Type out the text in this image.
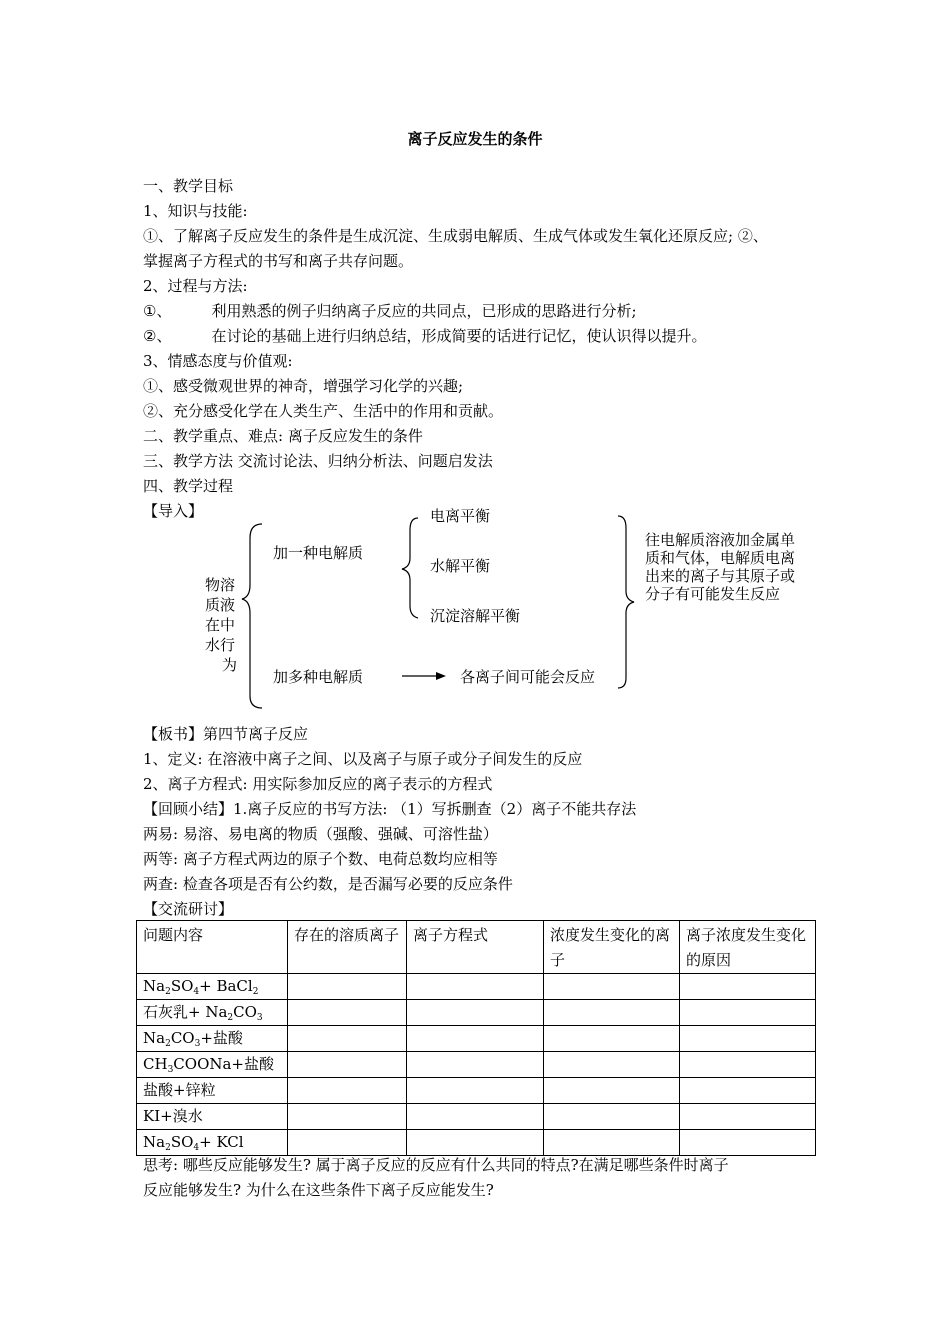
离子反应发生的条件
一、教学目标
1、知识与技能:
①、了解离子反应发生的条件是生成沉淀、生成弱电解质、生成气体或发生氧化还原反应; ②、
掌握离子方程式的书写和离子共存问题。
2、过程与方法:
①、	利用熟悉的例子归纳离子反应的共同点，已形成的思路进行分析;
②、	在讨论的基础上进行归纳总结，形成简要的话进行记忆，使认识得以提升。
3、情感态度与价值观:
①、感受微观世界的神奇，增强学习化学的兴趣;
②、充分感受化学在人类生产、生活中的作用和贡献。
二、教学重点、难点: 离子反应发生的条件
三、教学方法 交流讨论法、归纳分析法、问题启发法
四、教学过程
【导入】
物溶
质液
在中
水行
为
加一种电解质
电离平衡
水解平衡
沉淀溶解平衡
加多种电解质	各离子间可能会反应
往电解质溶液加金属单
质和气体，电解质电离
出来的离子与其原子或
分子有可能发生反应
【板书】第四节离子反应
1、定义: 在溶液中离子之间、以及离子与原子或分子间发生的反应
2、离子方程式: 用实际参加反应的离子表示的方程式
【回顾小结】1.离子反应的书写方法: （1）写拆删查（2）离子不能共存法
两易: 易溶、易电离的物质（强酸、强碱、可溶性盐）
两等: 离子方程式两边的原子个数、电荷总数均应相等
两查: 检查各项是否有公约数，是否漏写必要的反应条件
【交流研讨】
问题内容	存在的溶质离子	离子方程式	浓度发生变化的离子	离子浓度发生变化的原因
$Na_2SO_4+$ BaCl$_2$				
石灰乳+ $Na_2CO_3$				
$Na_2CO_3+$盐酸				
$CH_3COONa+$盐酸				
盐酸+锌粒				
KI+溴水				
$Na_2SO_4+$ KCl				
思考: 哪些反应能够发生? 属于离子反应的反应有什么共同的特点?在满足哪些条件时离子
反应能够发生? 为什么在这些条件下离子反应能发生?
